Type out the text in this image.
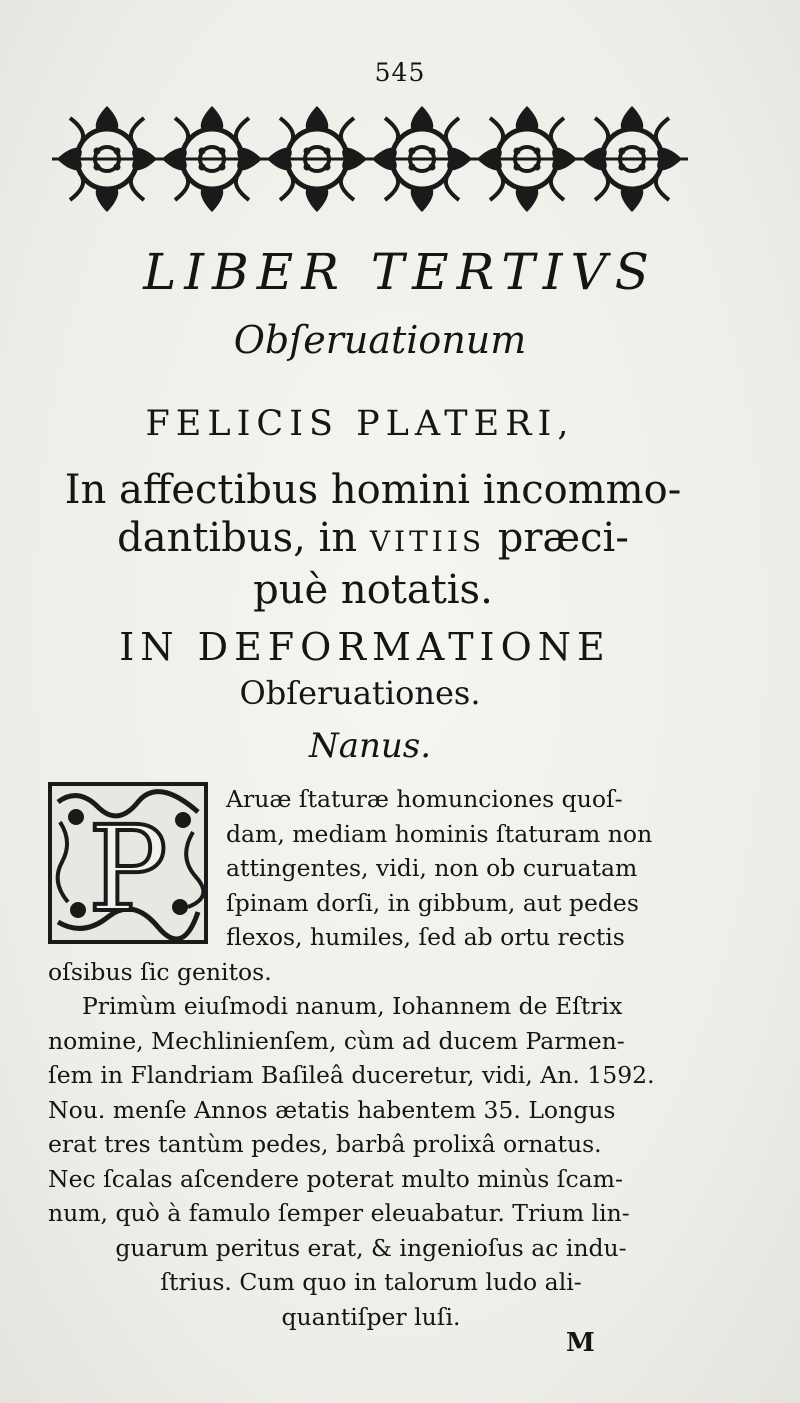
545
LIBER TERTIVS
Obſeruationum
FELICIS PLATERI,
In affectibus homini incommo-
dantibus, in VITIIS præci-
puè notatis.
IN DEFORMATIONE
Obſeruationes.
Nanus.
P
Aruæ ſtaturæ homunciones quoſ-
dam, mediam hominis ſtaturam non
attingentes, vidi, non ob curuatam
ſpinam dorſi, in gibbum, aut pedes
flexos, humiles, ſed ab ortu rectis
oſsibus ſic genitos.
Primùm eiuſmodi nanum, Iohannem de Eſtrix
nomine, Mechlinienſem, cùm ad ducem Parmen-
ſem in Flandriam Baſileâ duceretur, vidi, An. 1592.
Nou. menſe Annos ætatis habentem 35. Longus
erat tres tantùm pedes, barbâ prolixâ ornatus.
Nec ſcalas aſcendere poterat multo minùs ſcam-
num, quò à famulo ſemper eleuabatur. Trium lin-
guarum peritus erat, & ingenioſus ac indu-
ſtrius. Cum quo in talorum ludo ali-
quantiſper luſi.
M
